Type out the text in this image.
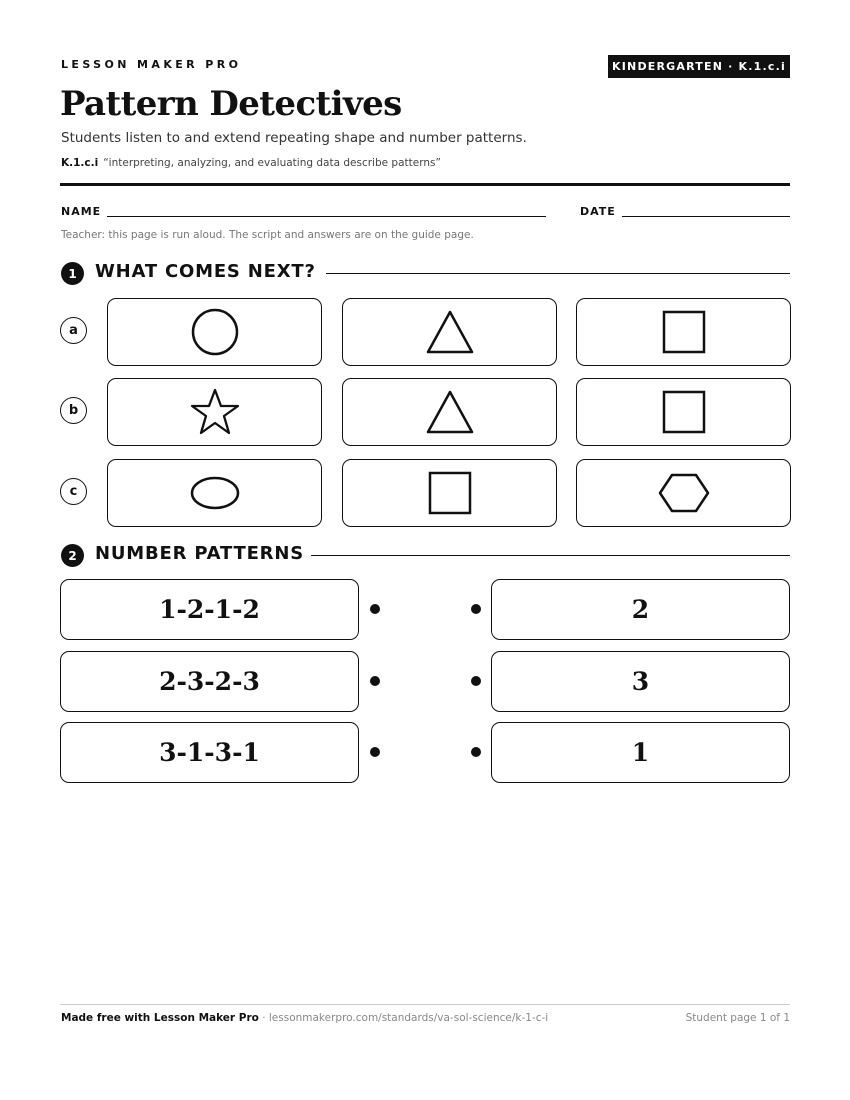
LESSON MAKER PRO	KINDERGARTEN · K.1.c.i
Pattern Detectives
Students listen to and extend repeating shape and number patterns.
K.1.c.i “interpreting, analyzing, and evaluating data describe patterns”
NAME	DATE
Teacher: this page is run aloud. The script and answers are on the guide page.
1	WHAT COMES NEXT?
a
b
c
2	NUMBER PATTERNS
1-2-1-2	2
2-3-2-3	3
3-1-3-1	1
Made free with Lesson Maker Pro · lessonmakerpro.com/standards/va-sol-science/k-1-c-i	Student page 1 of 1
